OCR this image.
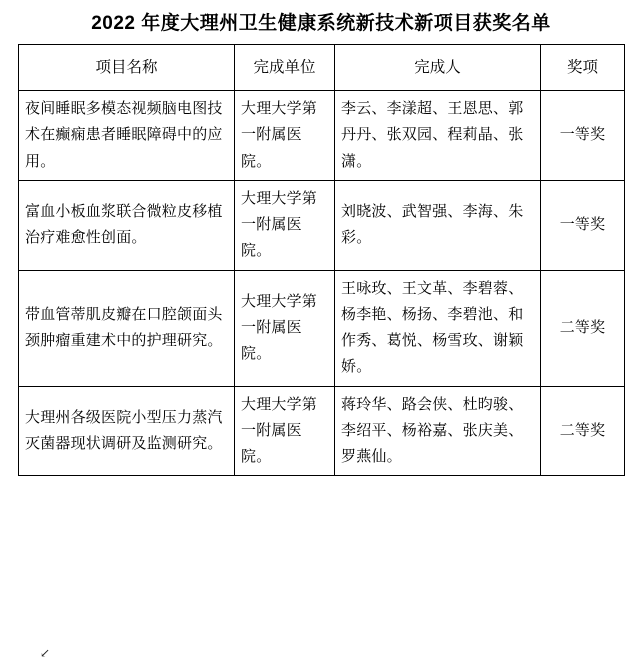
2022 年度大理州卫生健康系统新技术新项目获奖名单
项目名称	完成单位	完成人	奖项
夜间睡眠多模态视频脑电图技术在癫痫患者睡眠障碍中的应用。	大理大学第一附属医院。	李云、李漾超、王恩思、郭丹丹、张双园、程莉晶、张潇。	一等奖
富血小板血浆联合微粒皮移植治疗难愈性创面。	大理大学第一附属医院。	刘晓波、武智强、李海、朱彩。	一等奖
带血管蒂肌皮瓣在口腔颌面头颈肿瘤重建术中的护理研究。	大理大学第一附属医院。	王咏玫、王文革、李碧蓉、杨李艳、杨扬、李碧池、和作秀、葛悦、杨雪玫、谢颖娇。	二等奖
大理州各级医院小型压力蒸汽灭菌器现状调研及监测研究。	大理大学第一附属医院。	蒋玲华、路会侠、杜昀骏、李绍平、杨裕嘉、张庆美、罗燕仙。	二等奖
↙
